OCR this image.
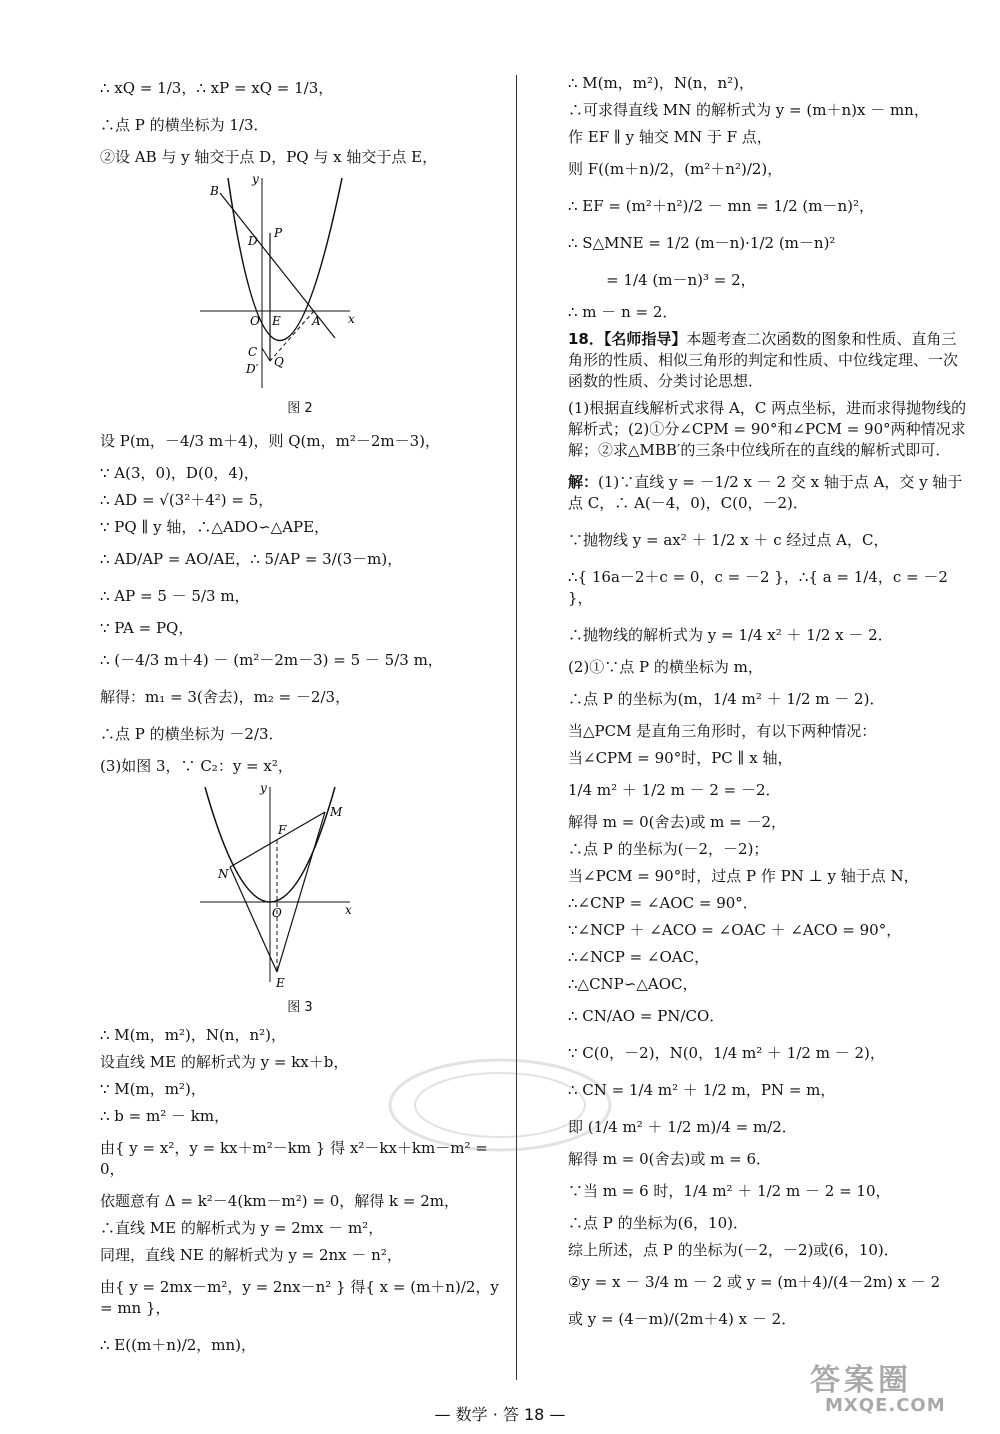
∴ xQ = 1/3，∴ xP = xQ = 1/3，

∴点 P 的横坐标为 1/3．

②设 AB 与 y 轴交于点 D，PQ 与 x 轴交于点 E，

y
x
B
P
D
O E	A
C
Q
D′
图 2

设 P(m，－4/3 m＋4)，则 Q(m，m²－2m－3)，

∵ A(3，0)，D(0，4)，

∴ AD = √(3²＋4²) = 5，

∵ PQ ∥ y 轴，∴△ADO∽△APE，

∴ AD/AP = AO/AE，∴ 5/AP = 3/(3－m)，

∴ AP = 5 － 5/3 m，

∵ PA = PQ，

∴ (－4/3 m＋4) － (m²－2m－3) = 5 － 5/3 m，

解得：m₁ = 3(舍去)，m₂ = －2/3，

∴点 P 的横坐标为 －2/3．

(3)如图 3，∵ C₂：y = x²，

y
x
M
F
N
O
E
图 3

∴ M(m，m²)，N(n，n²)，

设直线 ME 的解析式为 y = kx＋b，

∵ M(m，m²)，

∴ b = m² － km，

由{ y = x²，y = kx＋m²－km } 得 x²－kx＋km－m² = 0，

依题意有 Δ = k²－4(km－m²) = 0，解得 k = 2m，

∴直线 ME 的解析式为 y = 2mx － m²，

同理，直线 NE 的解析式为 y = 2nx － n²，

由{ y = 2mx－m²，y = 2nx－n² } 得{ x = (m＋n)/2，y = mn }，

∴ E((m＋n)/2，mn)，

∴ M(m，m²)，N(n，n²)，

∴可求得直线 MN 的解析式为 y = (m＋n)x － mn，

作 EF ∥ y 轴交 MN 于 F 点，

则 F((m＋n)/2，(m²＋n²)/2)，

∴ EF = (m²＋n²)/2 － mn = 1/2 (m－n)²，

∴ S△MNE = 1/2 (m－n)·1/2 (m－n)²

= 1/4 (m－n)³ = 2，

∴ m － n = 2．

18．【名师指导】本题考查二次函数的图象和性质、直角三角形的性质、相似三角形的判定和性质、中位线定理、一次函数的性质、分类讨论思想．

(1)根据直线解析式求得 A，C 两点坐标，进而求得抛物线的解析式；(2)①分∠CPM = 90°和∠PCM = 90°两种情况求解；②求△MBB′的三条中位线所在的直线的解析式即可．

解：(1)∵直线 y = －1/2 x － 2 交 x 轴于点 A，交 y 轴于点 C，∴ A(－4，0)，C(0，－2)．

∵抛物线 y = ax² ＋ 1/2 x ＋ c 经过点 A，C，

∴{ 16a－2＋c = 0，c = －2 }，∴{ a = 1/4，c = －2 }，

∴抛物线的解析式为 y = 1/4 x² ＋ 1/2 x － 2．

(2)①∵点 P 的横坐标为 m，

∴点 P 的坐标为(m，1/4 m² ＋ 1/2 m － 2)．

当△PCM 是直角三角形时，有以下两种情况：

当∠CPM = 90°时，PC ∥ x 轴，

1/4 m² ＋ 1/2 m － 2 = －2．

解得 m = 0(舍去)或 m = －2，

∴点 P 的坐标为(－2，－2)；

当∠PCM = 90°时，过点 P 作 PN ⊥ y 轴于点 N，

∴∠CNP = ∠AOC = 90°．

∵∠NCP ＋ ∠ACO = ∠OAC ＋ ∠ACO = 90°，

∴∠NCP = ∠OAC，

∴△CNP∽△AOC，

∴ CN/AO = PN/CO．

∵ C(0，－2)，N(0，1/4 m² ＋ 1/2 m － 2)，

∴ CN = 1/4 m² ＋ 1/2 m，PN = m，

即 (1/4 m² ＋ 1/2 m)/4 = m/2．

解得 m = 0(舍去)或 m = 6．

∵当 m = 6 时，1/4 m² ＋ 1/2 m － 2 = 10，

∴点 P 的坐标为(6，10)．

综上所述，点 P 的坐标为(－2，－2)或(6，10)．

②y = x － 3/4 m － 2 或 y = (m＋4)/(4－2m) x － 2

或 y = (4－m)/(2m＋4) x － 2．

— 数学 · 答 18 —
答案圈
MXQE.COM
